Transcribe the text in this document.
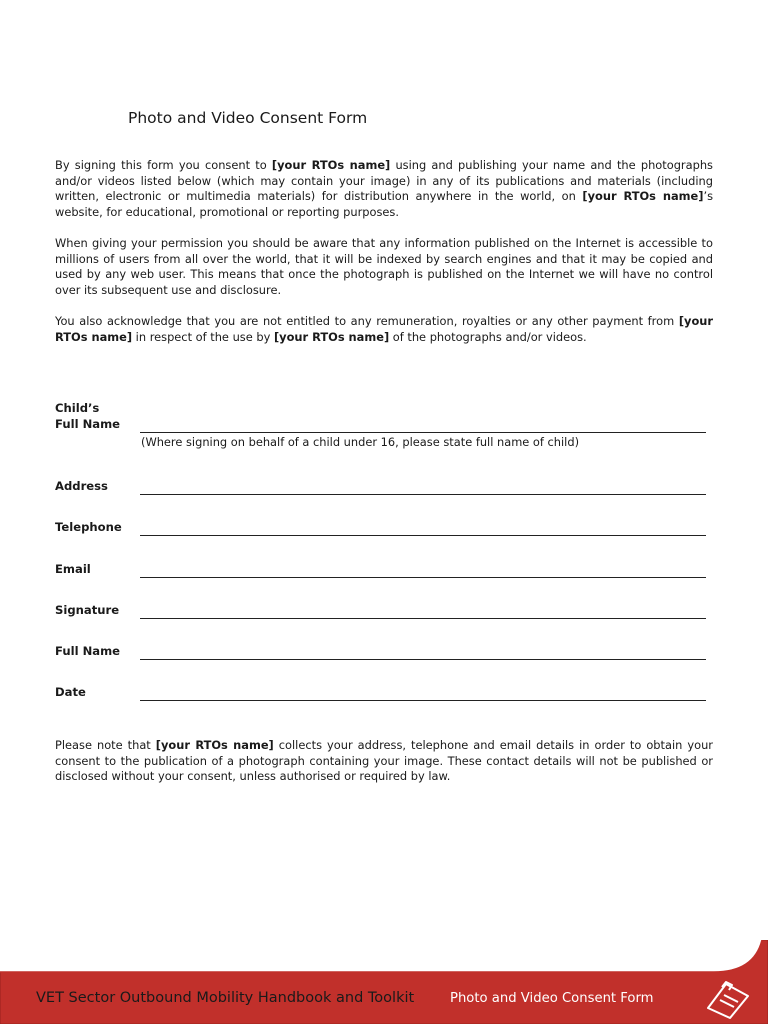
Photo and Video Consent Form

By signing this form you consent to [your RTOs name] using and publishing your name and the photographs and/or videos listed below (which may contain your image) in any of its publications and materials (including written, electronic or multimedia materials) for distribution anywhere in the world, on [your RTOs name]’s website, for educational, promotional or reporting purposes.

When giving your permission you should be aware that any information published on the Internet is accessible to millions of users from all over the world, that it will be indexed by search engines and that it may be copied and used by any web user. This means that once the photograph is published on the Internet we will have no control over its subsequent use and disclosure.

You also acknowledge that you are not entitled to any remuneration, royalties or any other payment from [your RTOs name] in respect of the use by [your RTOs name] of the photographs and/or videos.

Child’s
Full Name
(Where signing on behalf of a child under 16, please state full name of child)
Address
Telephone
Email
Signature
Full Name
Date

Please note that [your RTOs name] collects your address, telephone and email details in order to obtain your consent to the publication of a photograph containing your image. These contact details will not be published or disclosed without your consent, unless authorised or required by law.

VET Sector Outbound Mobility Handbook and Toolkit	Photo and Video Consent Form
